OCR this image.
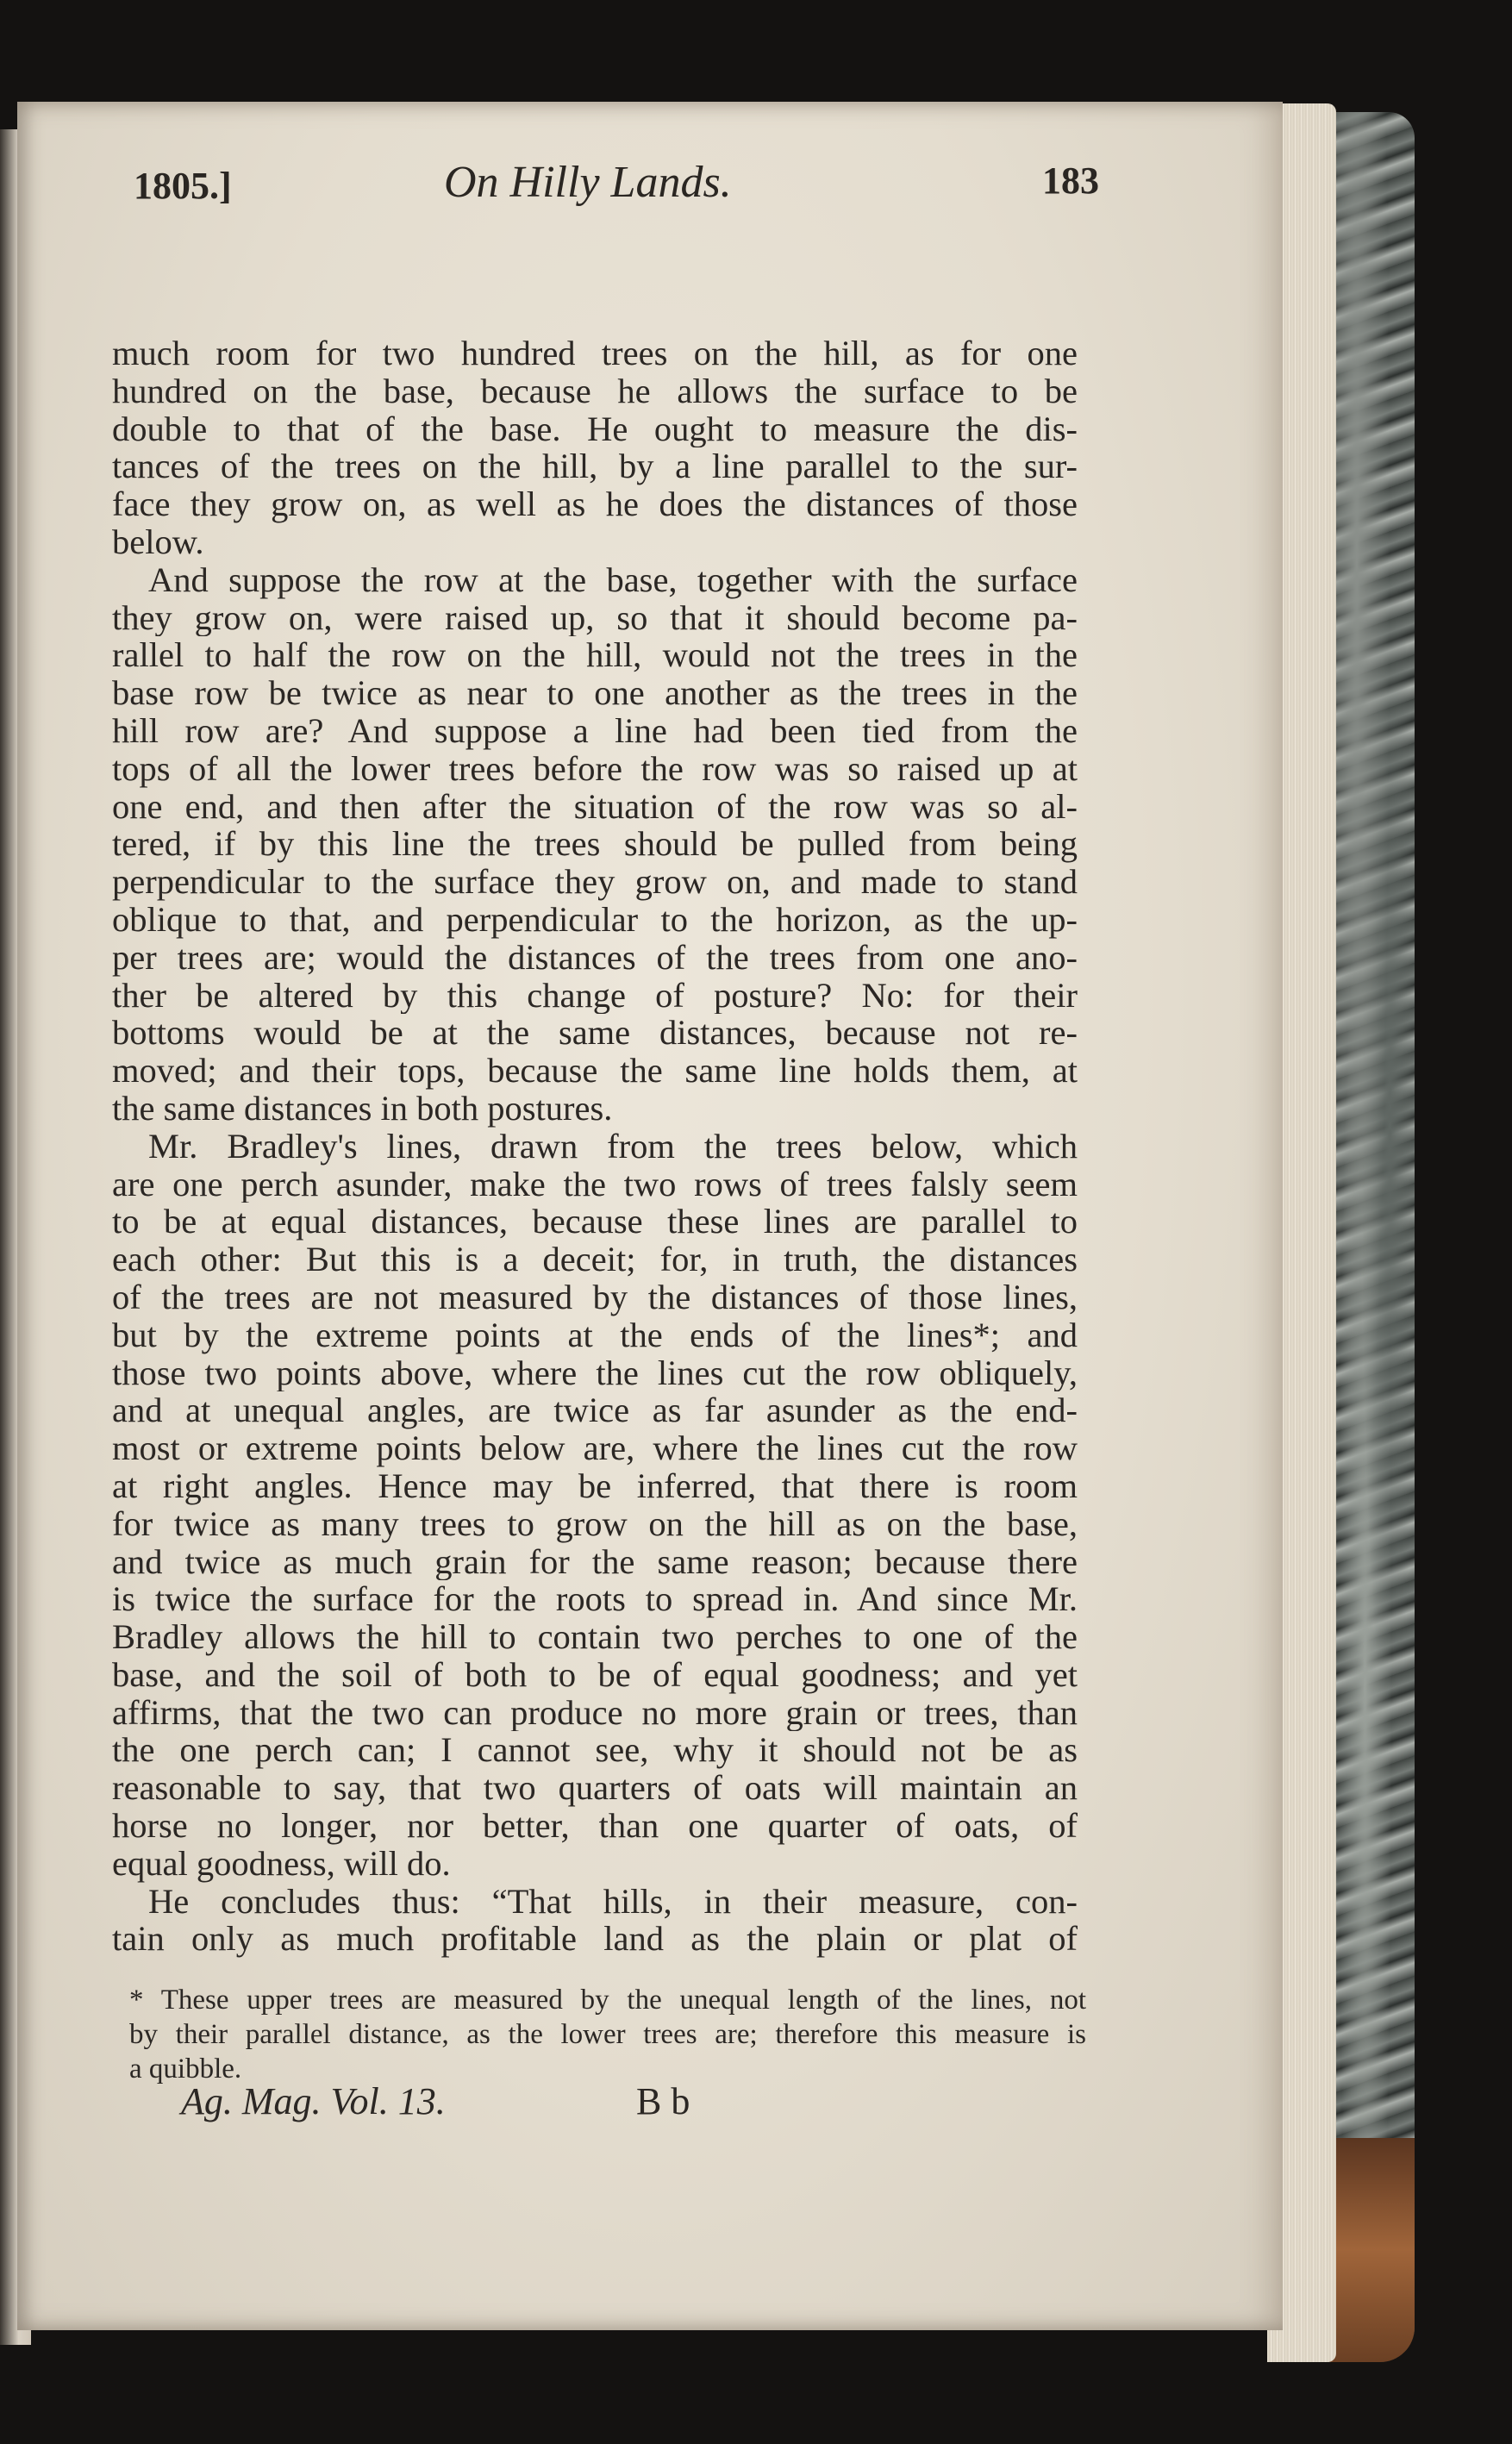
1805.]	On Hilly Lands.	183
much room for two hundred trees on the hill, as for one
hundred on the base, because he allows the surface to be
double to that of the base. He ought to measure the dis-
tances of the trees on the hill, by a line parallel to the sur-
face they grow on, as well as he does the distances of those
below.
And suppose the row at the base, together with the surface
they grow on, were raised up, so that it should become pa-
rallel to half the row on the hill, would not the trees in the
base row be twice as near to one another as the trees in the
hill row are? And suppose a line had been tied from the
tops of all the lower trees before the row was so raised up at
one end, and then after the situation of the row was so al-
tered, if by this line the trees should be pulled from being
perpendicular to the surface they grow on, and made to stand
oblique to that, and perpendicular to the horizon, as the up-
per trees are; would the distances of the trees from one ano-
ther be altered by this change of posture? No: for their
bottoms would be at the same distances, because not re-
moved; and their tops, because the same line holds them, at
the same distances in both postures.
Mr. Bradley's lines, drawn from the trees below, which
are one perch asunder, make the two rows of trees falsly seem
to be at equal distances, because these lines are parallel to
each other: But this is a deceit; for, in truth, the distances
of the trees are not measured by the distances of those lines,
but by the extreme points at the ends of the lines*; and
those two points above, where the lines cut the row obliquely,
and at unequal angles, are twice as far asunder as the end-
most or extreme points below are, where the lines cut the row
at right angles. Hence may be inferred, that there is room
for twice as many trees to grow on the hill as on the base,
and twice as much grain for the same reason; because there
is twice the surface for the roots to spread in. And since Mr.
Bradley allows the hill to contain two perches to one of the
base, and the soil of both to be of equal goodness; and yet
affirms, that the two can produce no more grain or trees, than
the one perch can; I cannot see, why it should not be as
reasonable to say, that two quarters of oats will maintain an
horse no longer, nor better, than one quarter of oats, of
equal goodness, will do.
He concludes thus: “That hills, in their measure, con-
tain only as much profitable land as the plain or plat of
* These upper trees are measured by the unequal length of the lines, not
by their parallel distance, as the lower trees are; therefore this measure is
a quibble.
Ag. Mag. Vol. 13.	B b
